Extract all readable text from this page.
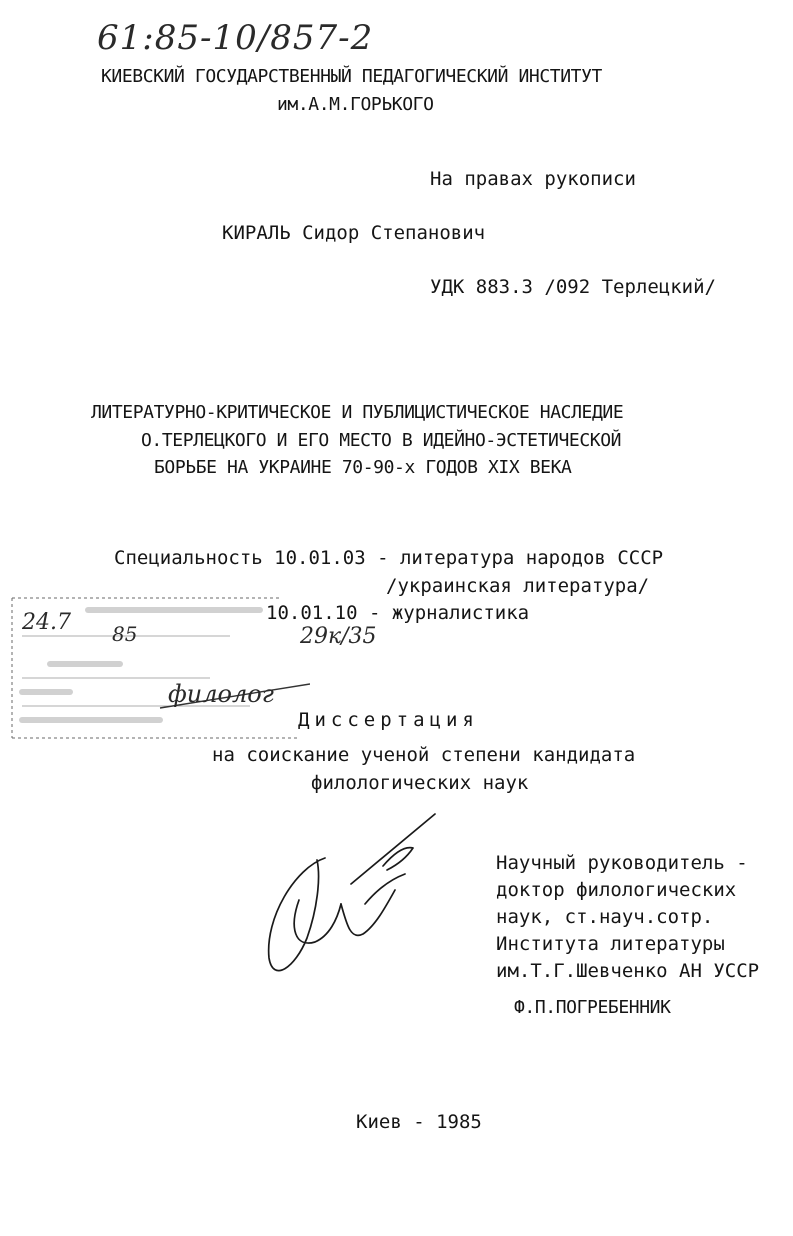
61:85-10/857-2
КИЕВСКИЙ ГОСУДАРСТВЕННЫЙ ПЕДАГОГИЧЕСКИЙ ИНСТИТУТ
им.А.М.ГОРЬКОГО
На правах рукописи
КИРАЛЬ Сидор Степанович
УДК 883.3 /092 Терлецкий/
ЛИТЕРАТУРНО-КРИТИЧЕСКОЕ И ПУБЛИЦИСТИЧЕСКОЕ НАСЛЕДИЕ
О.ТЕРЛЕЦКОГО И ЕГО МЕСТО В ИДЕЙНО-ЭСТЕТИЧЕСКОЙ
БОРЬБЕ НА УКРАИНЕ 70-90-х ГОДОВ XIX ВЕКА
Специальность 10.01.03 - литература народов СССР
/украинская литература/
10.01.10 - журналистика
24.7 85	29к/35
филолог
Диссертация
на соискание ученой степени кандидата
филологических наук
Научный руководитель -
доктор филологических
наук, ст.науч.сотр.
Института литературы
им.Т.Г.Шевченко АН УССР
Ф.П.ПОГРЕБЕННИК
Киев - 1985
